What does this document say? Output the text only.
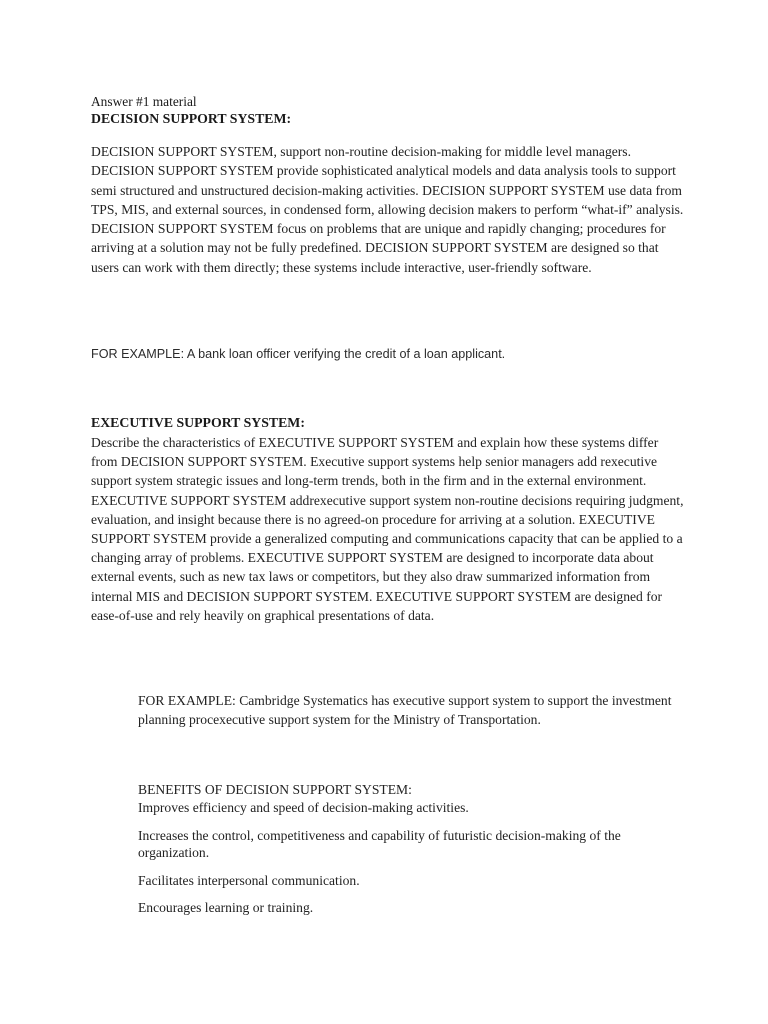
Answer #1 material

DECISION SUPPORT SYSTEM:

DECISION SUPPORT SYSTEM, support non-routine decision-making for middle level managers. DECISION SUPPORT SYSTEM provide sophisticated analytical models and data analysis tools to support semi structured and unstructured decision-making activities. DECISION SUPPORT SYSTEM use data from TPS, MIS, and external sources, in condensed form, allowing decision makers to perform “what-if” analysis. DECISION SUPPORT SYSTEM focus on problems that are unique and rapidly changing; procedures for arriving at a solution may not be fully predefined. DECISION SUPPORT SYSTEM are designed so that users can work with them directly; these systems include interactive, user-friendly software.

FOR EXAMPLE: A bank loan officer verifying the credit of a loan applicant.

EXECUTIVE SUPPORT SYSTEM:

Describe the characteristics of EXECUTIVE SUPPORT SYSTEM and explain how these systems differ from DECISION SUPPORT SYSTEM. Executive support systems help senior managers add rexecutive support system strategic issues and long-term trends, both in the firm and in the external environment. EXECUTIVE SUPPORT SYSTEM addrexecutive support system non-routine decisions requiring judgment, evaluation, and insight because there is no agreed-on procedure for arriving at a solution. EXECUTIVE SUPPORT SYSTEM provide a generalized computing and communications capacity that can be applied to a changing array of problems. EXECUTIVE SUPPORT SYSTEM are designed to incorporate data about external events, such as new tax laws or competitors, but they also draw summarized information from internal MIS and DECISION SUPPORT SYSTEM. EXECUTIVE SUPPORT SYSTEM are designed for ease-of-use and rely heavily on graphical presentations of data.

FOR EXAMPLE: Cambridge Systematics has executive support system to support the investment planning procexecutive support system for the Ministry of Transportation.

BENEFITS OF DECISION SUPPORT SYSTEM:

Improves efficiency and speed of decision-making activities.

Increases the control, competitiveness and capability of futuristic decision-making of the organization.

Facilitates interpersonal communication.

Encourages learning or training.
